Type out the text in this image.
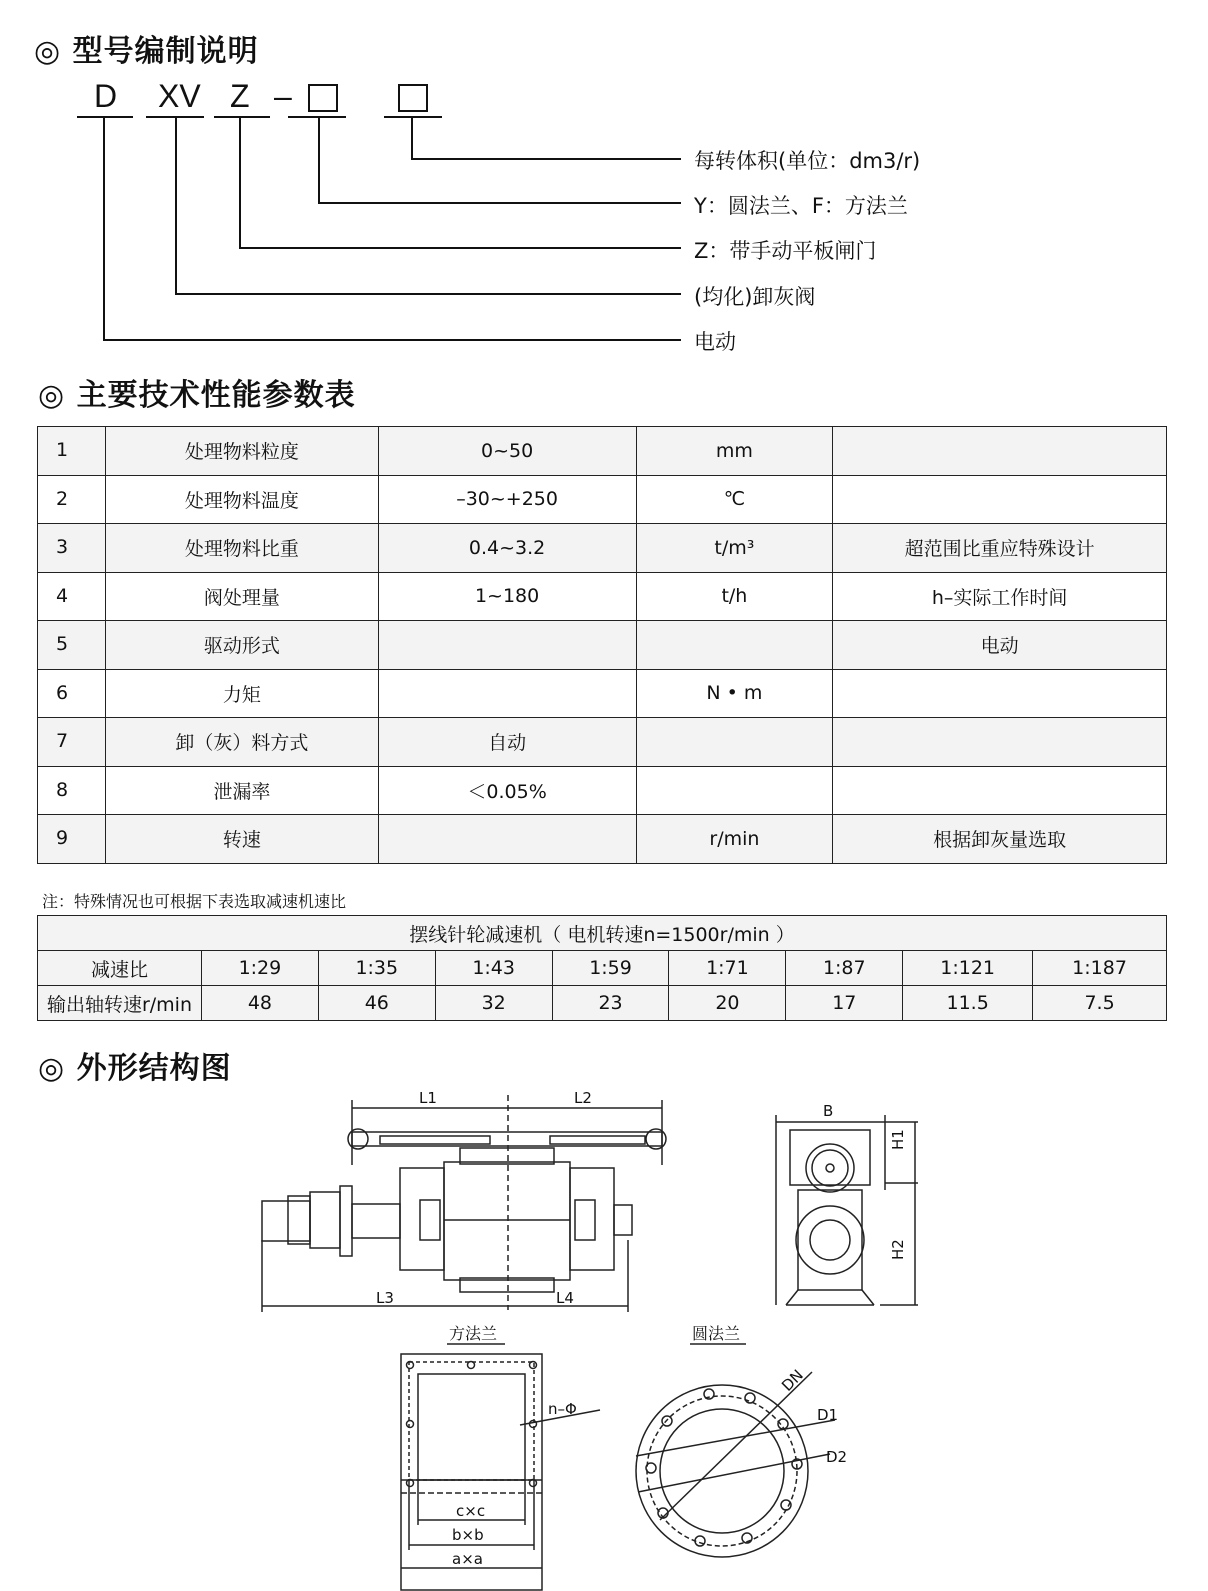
◎ 型号编制说明
D XV Z –
每转体积(单位：dm3/r)
Y：圆法兰、F：方法兰
Z：带手动平板闸门
(均化)卸灰阀
电动
◎ 主要技术性能参数表
1	处理物料粒度	0~50	mm	
2	处理物料温度	–30~+250	℃	
3	处理物料比重	0.4~3.2	t/m³	超范围比重应特殊设计
4	阀处理量	1~180	t/h	h–实际工作时间
5	驱动形式			电动
6	力矩		N • m	
7	卸（灰）料方式	自动		
8	泄漏率	＜0.05%		
9	转速		r/min	根据卸灰量选取
注：特殊情况也可根据下表选取减速机速比
摆线针轮减速机（ 电机转速n=1500r/min ）								
减速比	1:29	1:35	1:43	1:59	1:71	1:87	1:121	1:187
输出轴转速r/min	48	46	32	23	20	17	11.5	7.5
◎ 外形结构图
L1	L2
L3	L4
B
H1
H2
方法兰	圆法兰
n–Φ
c×c
b×b
a×a
DN
D1
D2
